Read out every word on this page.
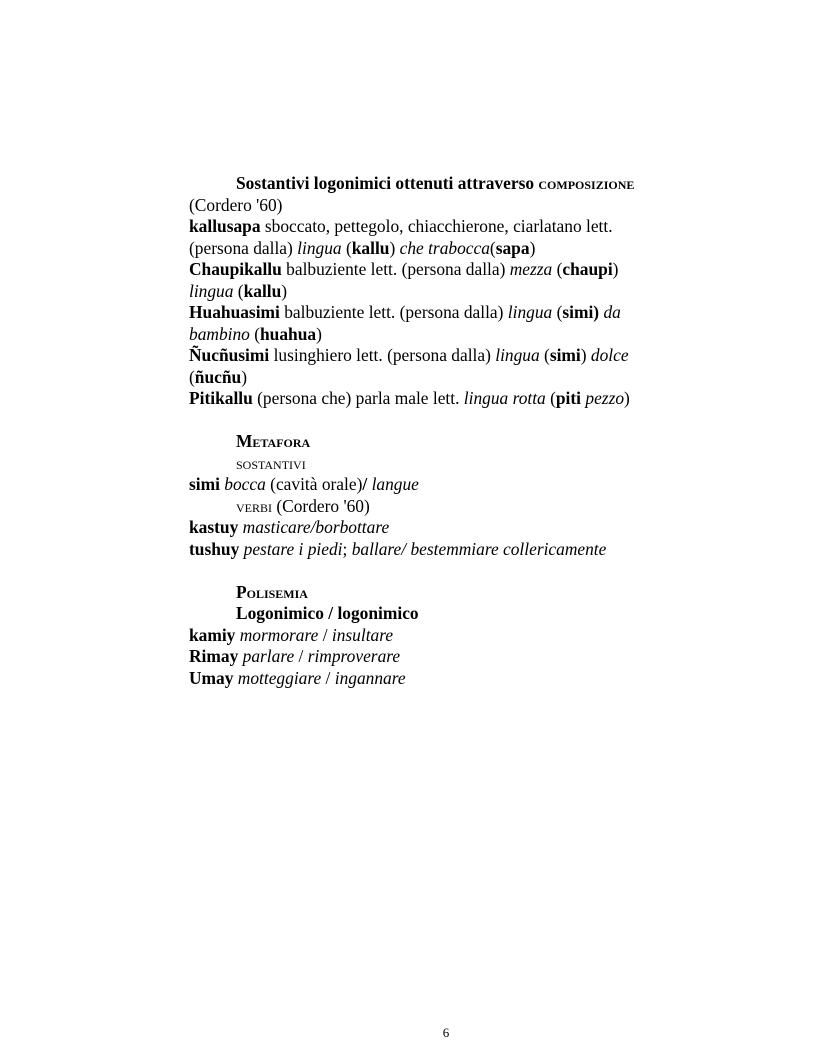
Sostantivi logonimici ottenuti attraverso composizione
(Cordero '60)
kallusapa sboccato, pettegolo, chiacchierone, ciarlatano lett.
(persona dalla) lingua (kallu) che trabocca(sapa)
Chaupikallu balbuziente lett. (persona dalla) mezza (chaupi)
lingua (kallu)
Huahuasimi balbuziente lett. (persona dalla) lingua (simi) da
bambino (huahua)
Ñucñusimi lusinghiero lett. (persona dalla) lingua (simi) dolce
(ñucñu)
Pitikallu (persona che) parla male lett. lingua rotta (piti pezzo)
Metafora
sostantivi
simi bocca (cavità orale)/ langue
verbi (Cordero '60)
kastuy masticare/borbottare
tushuy pestare i piedi; ballare/ bestemmiare collericamente
Polisemia
Logonimico / logonimico
kamiy mormorare / insultare
Rimay parlare / rimproverare
Umay motteggiare / ingannare
6
